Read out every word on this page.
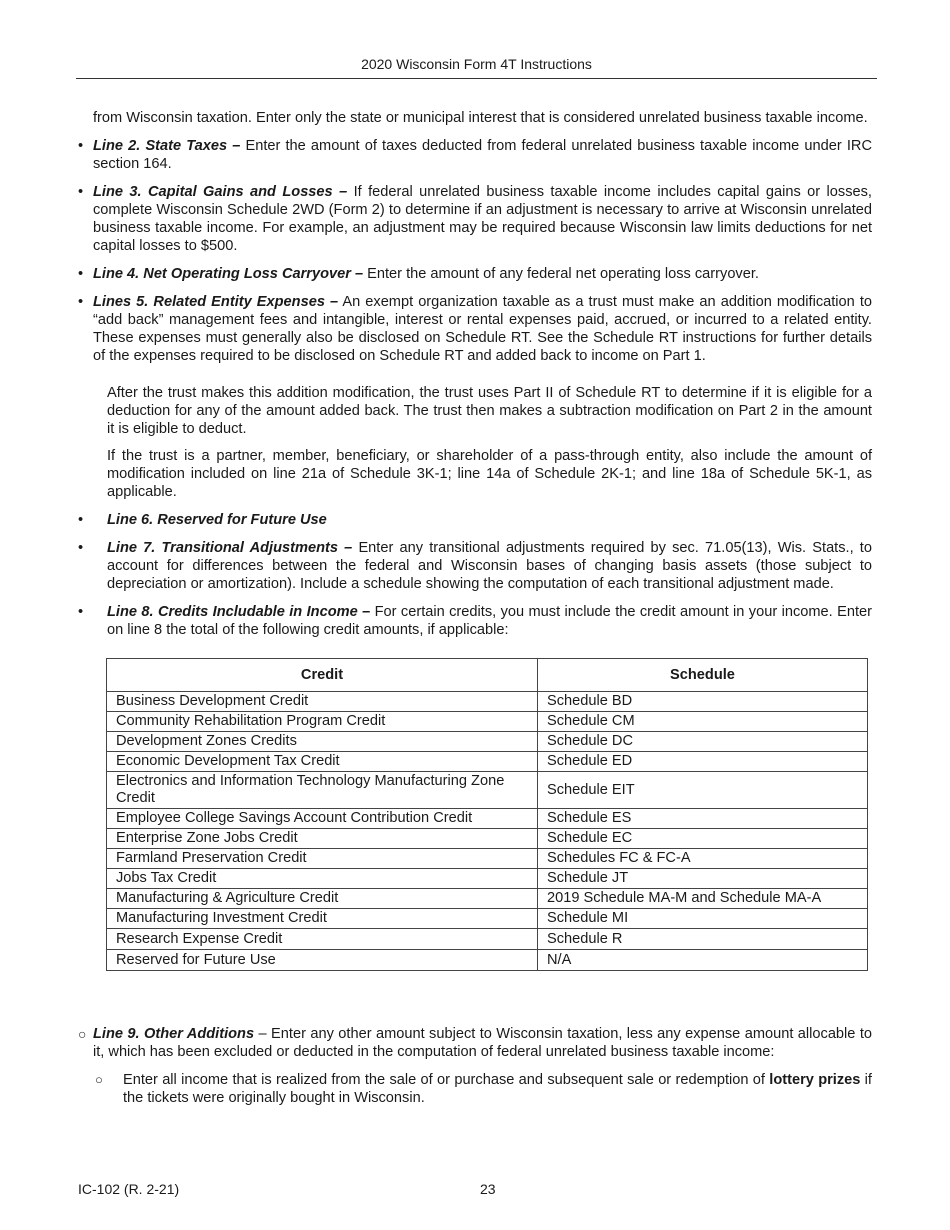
2020 Wisconsin Form 4T Instructions

from Wisconsin taxation. Enter only the state or municipal interest that is considered unrelated business taxable income.

• Line 2. State Taxes – Enter the amount of taxes deducted from federal unrelated business taxable income under IRC section 164.
• Line 3. Capital Gains and Losses – If federal unrelated business taxable income includes capital gains or losses, complete Wisconsin Schedule 2WD (Form 2) to determine if an adjustment is necessary to arrive at Wisconsin unrelated business taxable income. For example, an adjustment may be required because Wisconsin law limits deductions for net capital losses to $500.
• Line 4. Net Operating Loss Carryover – Enter the amount of any federal net operating loss carryover.
• Lines 5. Related Entity Expenses – An exempt organization taxable as a trust must make an addition modification to “add back” management fees and intangible, interest or rental expenses paid, accrued, or incurred to a related entity. These expenses must generally also be disclosed on Schedule RT. See the Schedule RT instructions for further details of the expenses required to be disclosed on Schedule RT and added back to income on Part 1.

After the trust makes this addition modification, the trust uses Part II of Schedule RT to determine if it is eligible for a deduction for any of the amount added back. The trust then makes a subtraction modification on Part 2 in the amount it is eligible to deduct.

If the trust is a partner, member, beneficiary, or shareholder of a pass-through entity, also include the amount of modification included on line 21a of Schedule 3K-1; line 14a of Schedule 2K-1; and line 18a of Schedule 5K-1, as applicable.

• Line 6. Reserved for Future Use
• Line 7. Transitional Adjustments – Enter any transitional adjustments required by sec. 71.05(13), Wis. Stats., to account for differences between the federal and Wisconsin bases of changing basis assets (those subject to depreciation or amortization). Include a schedule showing the computation of each transitional adjustment made.
• Line 8. Credits Includable in Income – For certain credits, you must include the credit amount in your income. Enter on line 8 the total of the following credit amounts, if applicable:
Credit	Schedule
Business Development Credit	Schedule BD
Community Rehabilitation Program Credit	Schedule CM
Development Zones Credits	Schedule DC
Economic Development Tax Credit	Schedule ED
Electronics and Information Technology Manufacturing Zone Credit	Schedule EIT
Employee College Savings Account Contribution Credit	Schedule ES
Enterprise Zone Jobs Credit	Schedule EC
Farmland Preservation Credit	Schedules FC & FC-A
Jobs Tax Credit	Schedule JT
Manufacturing & Agriculture Credit	2019 Schedule MA-M and Schedule MA-A
Manufacturing Investment Credit	Schedule MI
Research Expense Credit	Schedule R
Reserved for Future Use	N/A
○ Line 9. Other Additions – Enter any other amount subject to Wisconsin taxation, less any expense amount allocable to it, which has been excluded or deducted in the computation of federal unrelated business taxable income:
○ Enter all income that is realized from the sale of or purchase and subsequent sale or redemption of lottery prizes if the tickets were originally bought in Wisconsin.
IC-102 (R. 2-21)	23
